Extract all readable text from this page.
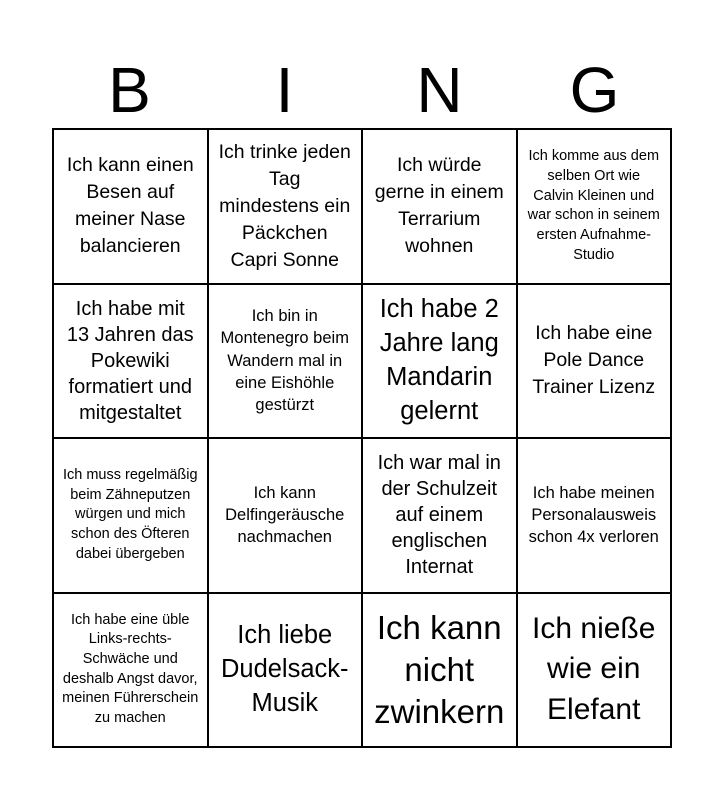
B	I	N	G
Ich kann einen Besen auf meiner Nase balancieren
Ich trinke jeden Tag mindestens ein Päckchen Capri Sonne
Ich würde gerne in einem Terrarium wohnen
Ich komme aus dem selben Ort wie Calvin Kleinen und war schon in seinem ersten Aufnahme-Studio
Ich habe mit 13 Jahren das Pokewiki formatiert und mitgestaltet
Ich bin in Montenegro beim Wandern mal in eine Eishöhle gestürzt
Ich habe 2 Jahre lang Mandarin gelernt
Ich habe eine Pole Dance Trainer Lizenz
Ich muss regelmäßig beim Zähneputzen würgen und mich schon des Öfteren dabei übergeben
Ich kann Delfingeräusche nachmachen
Ich war mal in der Schulzeit auf einem englischen Internat
Ich habe meinen Personalausweis schon 4x verloren
Ich habe eine üble Links-rechts-Schwäche und deshalb Angst davor, meinen Führerschein zu machen
Ich liebe Dudelsack-Musik
Ich kann nicht zwinkern
Ich nieße wie ein Elefant
